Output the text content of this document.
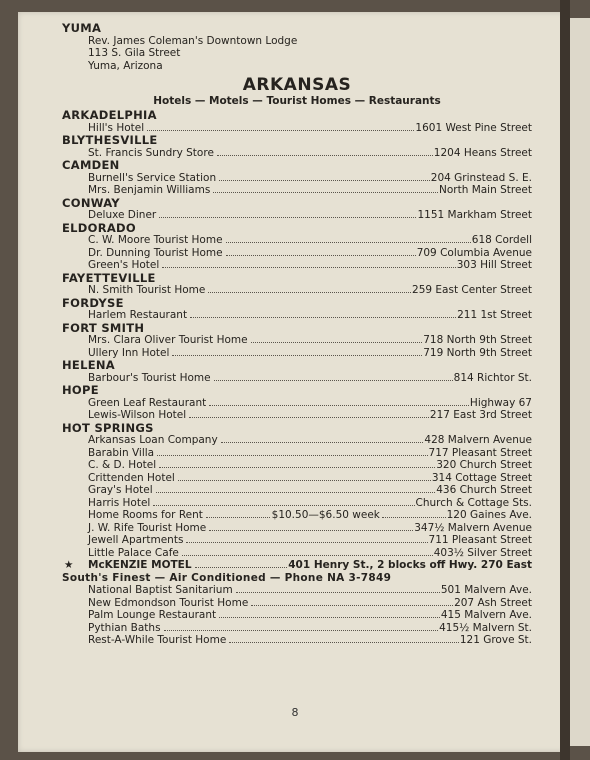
YUMA
Rev. James Coleman's Downtown Lodge
113 S. Gila Street
Yuma, Arizona
ARKANSAS
Hotels — Motels — Tourist Homes — Restaurants
ARKADELPHIA
Hill's Hotel	1601 West Pine Street
BLYTHESVILLE
St. Francis Sundry Store	1204 Heans Street
CAMDEN
Burnell's Service Station	204 Grinstead S. E.
Mrs. Benjamin Williams	North Main Street
CONWAY
Deluxe Diner	1151 Markham Street
ELDORADO
C. W. Moore Tourist Home	618 Cordell
Dr. Dunning Tourist Home	709 Columbia Avenue
Green's Hotel	303 Hill Street
FAYETTEVILLE
N. Smith Tourist Home	259 East Center Street
FORDYSE
Harlem Restaurant	211 1st Street
FORT SMITH
Mrs. Clara Oliver Tourist Home	718 North 9th Street
Ullery Inn Hotel	719 North 9th Street
HELENA
Barbour's Tourist Home	814 Richtor St.
HOPE
Green Leaf Restaurant	Highway 67
Lewis-Wilson Hotel	217 East 3rd Street
HOT SPRINGS
Arkansas Loan Company	428 Malvern Avenue
Barabin Villa	717 Pleasant Street
C. & D. Hotel	320 Church Street
Crittenden Hotel	314 Cottage Street
Gray's Hotel	436 Church Street
Harris Hotel	Church & Cottage Sts.
Home Rooms for Rent	$10.50—$6.50 week	120 Gaines Ave.
J. W. Rife Tourist Home	347½ Malvern Avenue
Jewell Apartments	711 Pleasant Street
Little Palace Cafe	403½ Silver Street
★ McKENZIE MOTEL	401 Henry St., 2 blocks off Hwy. 270 East
South's Finest — Air Conditioned — Phone NA 3-7849
National Baptist Sanitarium	501 Malvern Ave.
New Edmondson Tourist Home	207 Ash Street
Palm Lounge Restaurant	415 Malvern Ave.
Pythian Baths	415½ Malvern St.
Rest-A-While Tourist Home	121 Grove St.
8
